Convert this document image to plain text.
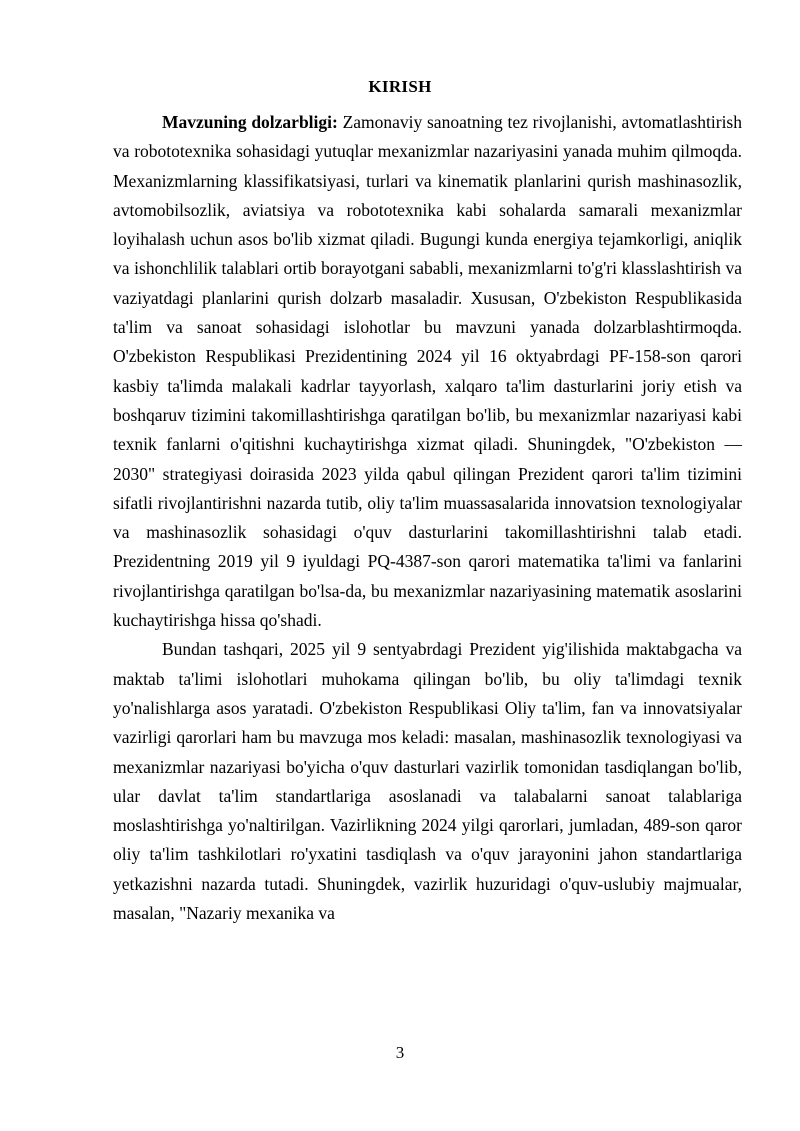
KIRISH

Mavzuning dolzarbligi: Zamonaviy sanoatning tez rivojlanishi, avtomatlashtirish va robototexnika sohasidagi yutuqlar mexanizmlar nazariyasini yanada muhim qilmoqda. Mexanizmlarning klassifikatsiyasi, turlari va kinematik planlarini qurish mashinasozlik, avtomobilsozlik, aviatsiya va robototexnika kabi sohalarda samarali mexanizmlar loyihalash uchun asos bo'lib xizmat qiladi. Bugungi kunda energiya tejamkorligi, aniqlik va ishonchlilik talablari ortib borayotgani sababli, mexanizmlarni to'g'ri klasslashtirish va vaziyatdagi planlarini qurish dolzarb masaladir. Xususan, O'zbekiston Respublikasida ta'lim va sanoat sohasidagi islohotlar bu mavzuni yanada dolzarblashtirmoqda. O'zbekiston Respublikasi Prezidentining 2024 yil 16 oktyabrdagi PF-158-son qarori kasbiy ta'limda malakali kadrlar tayyorlash, xalqaro ta'lim dasturlarini joriy etish va boshqaruv tizimini takomillashtirishga qaratilgan bo'lib, bu mexanizmlar nazariyasi kabi texnik fanlarni o'qitishni kuchaytirishga xizmat qiladi. Shuningdek, "O'zbekiston — 2030" strategiyasi doirasida 2023 yilda qabul qilingan Prezident qarori ta'lim tizimini sifatli rivojlantirishni nazarda tutib, oliy ta'lim muassasalarida innovatsion texnologiyalar va mashinasozlik sohasidagi o'quv dasturlarini takomillashtirishni talab etadi. Prezidentning 2019 yil 9 iyuldagi PQ-4387-son qarori matematika ta'limi va fanlarini rivojlantirishga qaratilgan bo'lsa-da, bu mexanizmlar nazariyasining matematik asoslarini kuchaytirishga hissa qo'shadi.

Bundan tashqari, 2025 yil 9 sentyabrdagi Prezident yig'ilishida maktabgacha va maktab ta'limi islohotlari muhokama qilingan bo'lib, bu oliy ta'limdagi texnik yo'nalishlarga asos yaratadi. O'zbekiston Respublikasi Oliy ta'lim, fan va innovatsiyalar vazirligi qarorlari ham bu mavzuga mos keladi: masalan, mashinasozlik texnologiyasi va mexanizmlar nazariyasi bo'yicha o'quv dasturlari vazirlik tomonidan tasdiqlangan bo'lib, ular davlat ta'lim standartlariga asoslanadi va talabalarni sanoat talablariga moslashtirishga yo'naltirilgan. Vazirlikning 2024 yilgi qarorlari, jumladan, 489-son qaror oliy ta'lim tashkilotlari ro'yxatini tasdiqlash va o'quv jarayonini jahon standartlariga yetkazishni nazarda tutadi. Shuningdek, vazirlik huzuridagi o'quv-uslubiy majmualar, masalan, "Nazariy mexanika va

3
